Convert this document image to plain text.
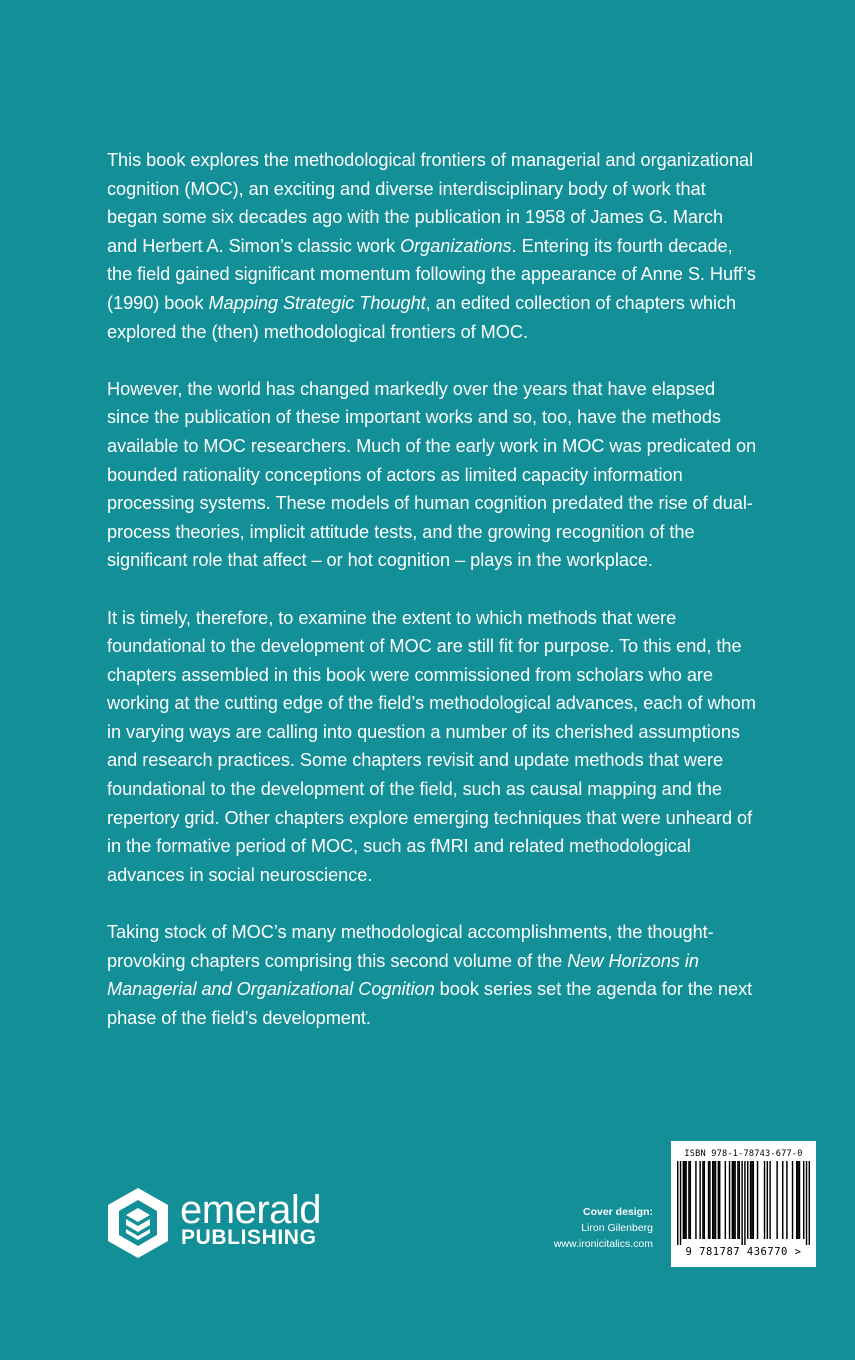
This book explores the methodological frontiers of managerial and organizational cognition (MOC), an exciting and diverse interdisciplinary body of work that began some six decades ago with the publication in 1958 of James G. March and Herbert A. Simon’s classic work Organizations. Entering its fourth decade, the field gained significant momentum following the appearance of Anne S. Huff’s (1990) book Mapping Strategic Thought, an edited collection of chapters which explored the (then) methodological frontiers of MOC.

However, the world has changed markedly over the years that have elapsed since the publication of these important works and so, too, have the methods available to MOC researchers. Much of the early work in MOC was predicated on bounded rationality conceptions of actors as limited capacity information processing systems. These models of human cognition predated the rise of dual-process theories, implicit attitude tests, and the growing recognition of the significant role that affect – or hot cognition – plays in the workplace.

It is timely, therefore, to examine the extent to which methods that were foundational to the development of MOC are still fit for purpose. To this end, the chapters assembled in this book were commissioned from scholars who are working at the cutting edge of the field’s methodological advances, each of whom in varying ways are calling into question a number of its cherished assumptions and research practices. Some chapters revisit and update methods that were foundational to the development of the field, such as causal mapping and the repertory grid. Other chapters explore emerging techniques that were unheard of in the formative period of MOC, such as fMRI and related methodological advances in social neuroscience.

Taking stock of MOC’s many methodological accomplishments, the thought-provoking chapters comprising this second volume of the New Horizons in Managerial and Organizational Cognition book series set the agenda for the next phase of the field’s development.

emerald
PUBLISHING
Cover design:
Liron Gilenberg
www.ironicitalics.com
ISBN 978-1-78743-677-0
9 781787 436770 >
